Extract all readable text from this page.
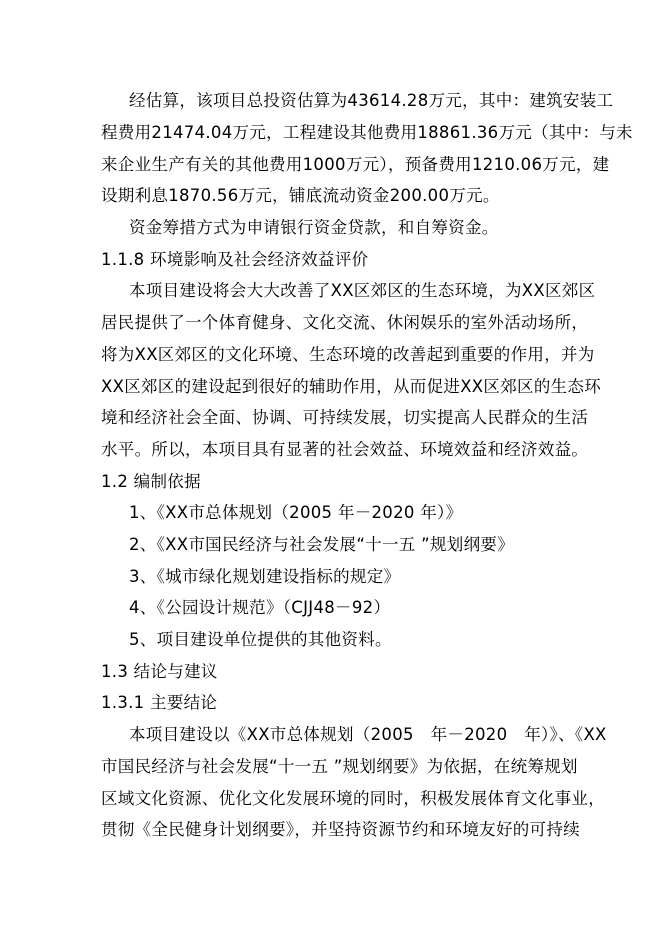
经估算，该项目总投资估算为43614.28万元，其中：建筑安装工
程费用21474.04万元，工程建设其他费用18861.36万元（其中：与未
来企业生产有关的其他费用1000万元），预备费用1210.06万元，建
设期利息1870.56万元，铺底流动资金200.00万元。
资金筹措方式为申请银行资金贷款，和自筹资金。
1.1.8 环境影响及社会经济效益评价
本项目建设将会大大改善了XX区郊区的生态环境，为XX区郊区
居民提供了一个体育健身、文化交流、休闲娱乐的室外活动场所，
将为XX区郊区的文化环境、生态环境的改善起到重要的作用，并为
XX区郊区的建设起到很好的辅助作用，从而促进XX区郊区的生态环
境和经济社会全面、协调、可持续发展，切实提高人民群众的生活
水平。所以，本项目具有显著的社会效益、环境效益和经济效益。
1.2 编制依据
1、《XX市总体规划（2005 年－2020 年）》
2、《XX市国民经济与社会发展“十一五 ”规划纲要》
3、《城市绿化规划建设指标的规定》
4、《公园设计规范》（CJJ48－92）
5、项目建设单位提供的其他资料。
1.3 结论与建议
1.3.1 主要结论
本项目建设以《XX市总体规划（2005　年－2020　年）》、《XX
市国民经济与社会发展“十一五 ”规划纲要》为依据，在统筹规划
区域文化资源、优化文化发展环境的同时，积极发展体育文化事业，
贯彻《全民健身计划纲要》，并坚持资源节约和环境友好的可持续
